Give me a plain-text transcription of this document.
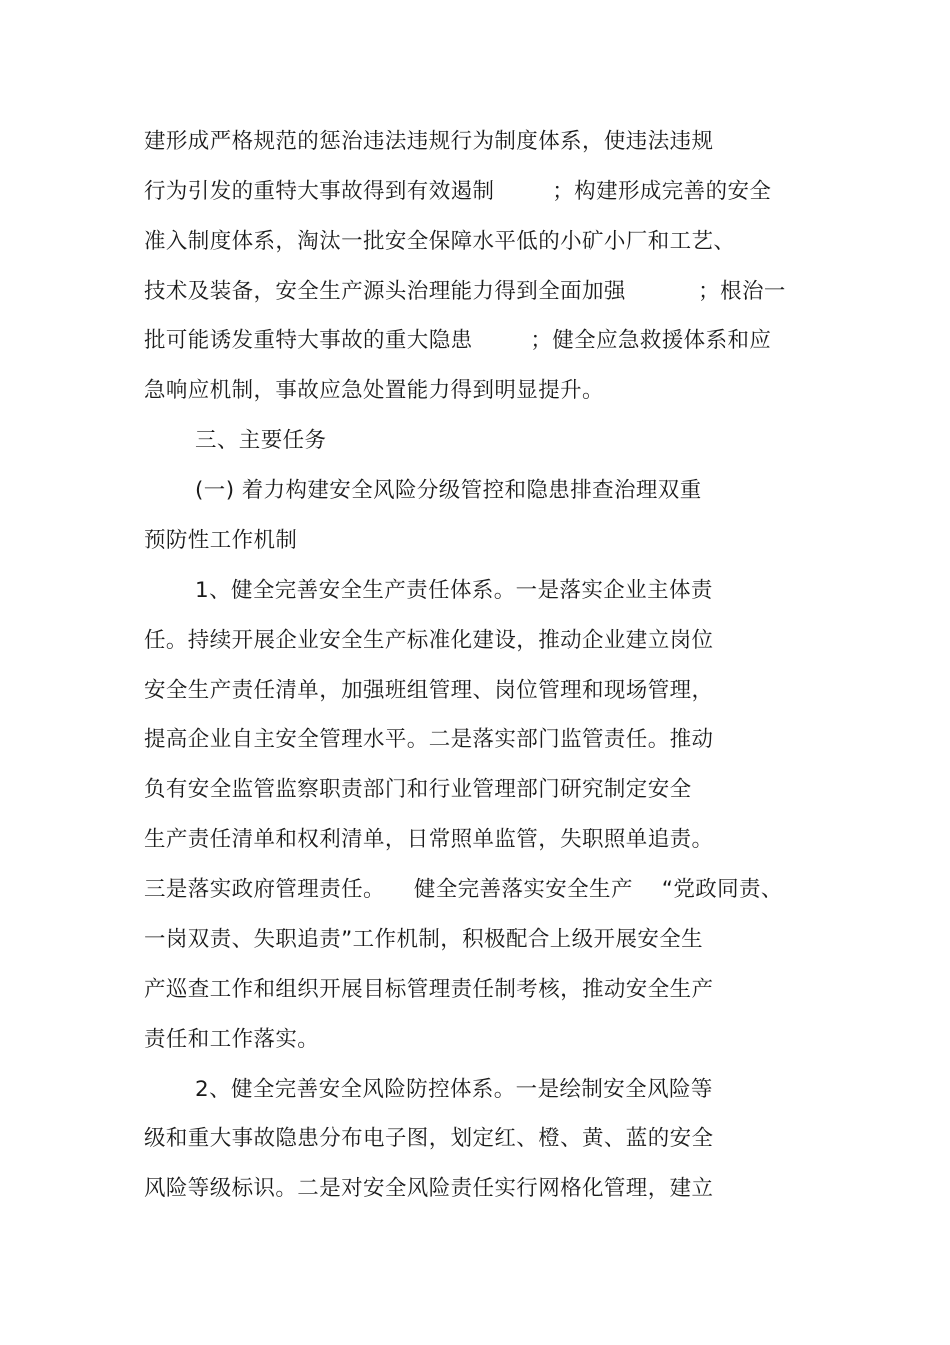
建形成严格规范的惩治违法违规行为制度体系，使违法违规
行为引发的重特大事故得到有效遏制        ；构建形成完善的安全
准入制度体系，淘汰一批安全保障水平低的小矿小厂和工艺、
技术及装备，安全生产源头治理能力得到全面加强          ；根治一
批可能诱发重特大事故的重大隐患        ；健全应急救援体系和应
急响应机制，事故应急处置能力得到明显提升。
三、主要任务
(一) 着力构建安全风险分级管控和隐患排查治理双重
预防性工作机制
1、健全完善安全生产责任体系。一是落实企业主体责
任。持续开展企业安全生产标准化建设，推动企业建立岗位
安全生产责任清单，加强班组管理、岗位管理和现场管理，
提高企业自主安全管理水平。二是落实部门监管责任。推动
负有安全监管监察职责部门和行业管理部门研究制定安全
生产责任清单和权利清单，日常照单监管，失职照单追责。
三是落实政府管理责任。    健全完善落实安全生产    “党政同责、
一岗双责、失职追责”工作机制，积极配合上级开展安全生
产巡查工作和组织开展目标管理责任制考核，推动安全生产
责任和工作落实。
2、健全完善安全风险防控体系。一是绘制安全风险等
级和重大事故隐患分布电子图，划定红、橙、黄、蓝的安全
风险等级标识。二是对安全风险责任实行网格化管理，建立
